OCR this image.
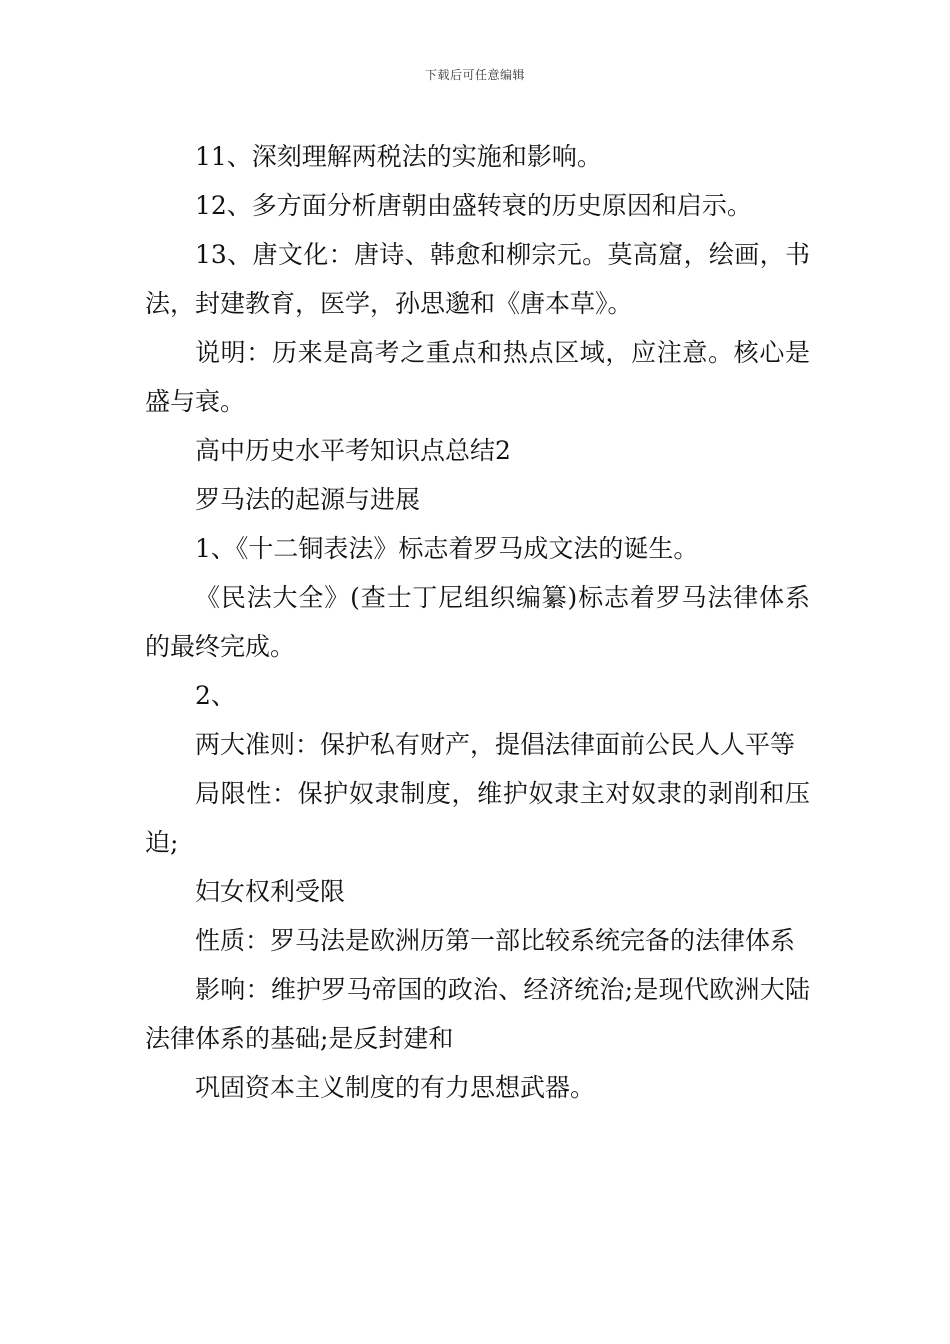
下载后可任意编辑

11、深刻理解两税法的实施和影响。

12、多方面分析唐朝由盛转衰的历史原因和启示。

13、唐文化：唐诗、韩愈和柳宗元。莫高窟，绘画，书法，封建教育，医学，孙思邈和《唐本草》。

说明：历来是高考之重点和热点区域，应注意。核心是盛与衰。

高中历史水平考知识点总结2

罗马法的起源与进展

1、《十二铜表法》标志着罗马成文法的诞生。

《民法大全》(查士丁尼组织编纂)标志着罗马法律体系的最终完成。

2、

两大准则：保护私有财产，提倡法律面前公民人人平等

局限性：保护奴隶制度，维护奴隶主对奴隶的剥削和压迫;

妇女权利受限

性质：罗马法是欧洲历第一部比较系统完备的法律体系

影响：维护罗马帝国的政治、经济统治;是现代欧洲大陆法律体系的基础;是反封建和

巩固资本主义制度的有力思想武器。
